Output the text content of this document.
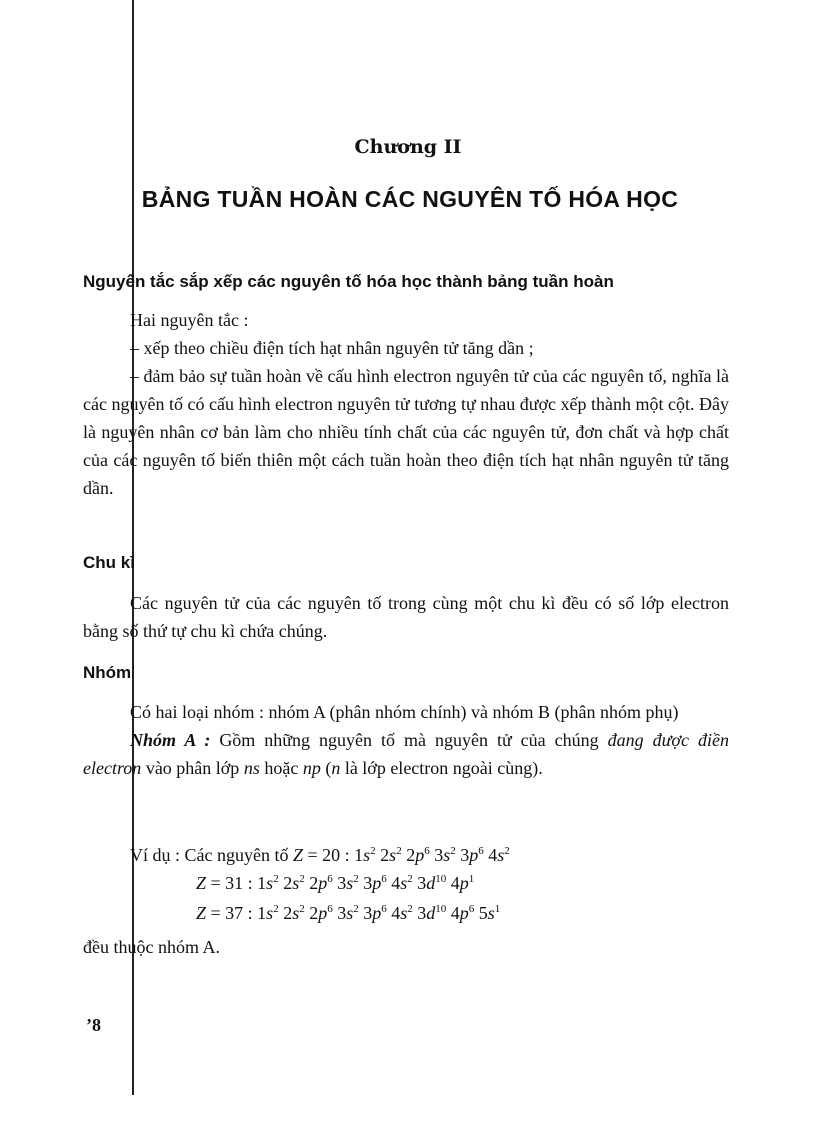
Chương II
BẢNG TUẦN HOÀN CÁC NGUYÊN TỐ HÓA HỌC
Nguyên tắc sắp xếp các nguyên tố hóa học thành bảng tuần hoàn

Hai nguyên tắc :

– xếp theo chiều điện tích hạt nhân nguyên tử tăng dần ;

– đảm bảo sự tuần hoàn về cấu hình electron nguyên tử của các nguyên tố, nghĩa là các nguyên tố có cấu hình electron nguyên tử tương tự nhau được xếp thành một cột. Đây là nguyên nhân cơ bản làm cho nhiều tính chất của các nguyên tử, đơn chất và hợp chất của các nguyên tố biến thiên một cách tuần hoàn theo điện tích hạt nhân nguyên tử tăng dần.

Chu kì

Các nguyên tử của các nguyên tố trong cùng một chu kì đều có số lớp electron bằng số thứ tự chu kì chứa chúng.

Nhóm

Có hai loại nhóm : nhóm A (phân nhóm chính) và nhóm B (phân nhóm phụ)

Nhóm A : Gồm những nguyên tố mà nguyên tử của chúng đang được điền electron vào phân lớp ns hoặc np (n là lớp electron ngoài cùng).

Ví dụ : Các nguyên tố Z = 20 : $1s^2$ $2s^2$ $2p^6$ $3s^2$ $3p^6$ $4s^2$
Z = 31 : $1s^2$ $2s^2$ $2p^6$ $3s^2$ $3p^6$ $4s^2$ $3d^{10}$ $4p^1$
Z = 37 : $1s^2$ $2s^2$ $2p^6$ $3s^2$ $3p^6$ $4s^2$ $3d^{10}$ $4p^6$ $5s^1$
đều thuộc nhóm A.
’8
